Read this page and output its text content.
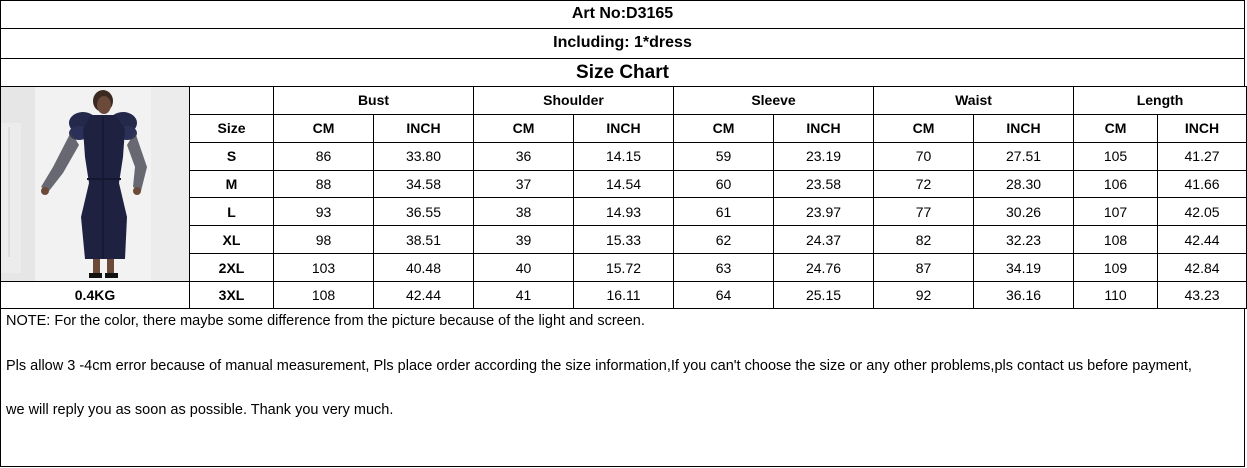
Art No:D3165
Including: 1*dress
Size Chart
		Bust		Shoulder		Sleeve		Waist		Length	
	Size	CM	INCH	CM	INCH	CM	INCH	CM	INCH	CM	INCH
	S	86	33.80	36	14.15	59	23.19	70	27.51	105	41.27
	M	88	34.58	37	14.54	60	23.58	72	28.30	106	41.66
	L	93	36.55	38	14.93	61	23.97	77	30.26	107	42.05
	XL	98	38.51	39	15.33	62	24.37	82	32.23	108	42.44
	2XL	103	40.48	40	15.72	63	24.76	87	34.19	109	42.84
0.4KG	3XL	108	42.44	41	16.11	64	25.15	92	36.16	110	43.23

NOTE: For the color, there maybe some difference from the picture because of the light and screen.

Pls allow 3 -4cm error because of manual measurement, Pls place order according the size information,If you can't choose the size or any other problems,pls contact us before payment,

we will reply you as soon as possible. Thank you very much.
